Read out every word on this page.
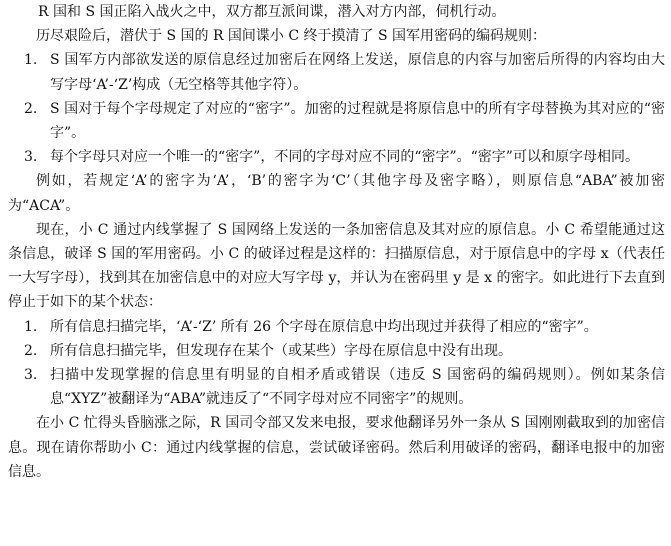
R 国和 S 国正陷入战火之中，双方都互派间谍，潜入对方内部，伺机行动。

历尽艰险后，潜伏于 S 国的 R 国间谍小 C 终于摸清了 S 国军用密码的编码规则：

1. S 国军方内部欲发送的原信息经过加密后在网络上发送，原信息的内容与加密后所得的内容均由大写字母‘A’-‘Z’构成（无空格等其他字符）。
2. S 国对于每个字母规定了对应的“密字”。加密的过程就是将原信息中的所有字母替换为其对应的“密字”。
3. 每个字母只对应一个唯一的“密字”，不同的字母对应不同的“密字”。“密字”可以和原字母相同。

例如，若规定‘A’的密字为‘A’，‘B’的密字为‘C’（其他字母及密字略），则原信息“ABA”被加密为“ACA”。

现在，小 C 通过内线掌握了 S 国网络上发送的一条加密信息及其对应的原信息。小 C 希望能通过这条信息，破译 S 国的军用密码。小 C 的破译过程是这样的：扫描原信息，对于原信息中的字母 x（代表任一大写字母），找到其在加密信息中的对应大写字母 y，并认为在密码里 y 是 x 的密字。如此进行下去直到停止于如下的某个状态：

1. 所有信息扫描完毕，‘A’-‘Z’ 所有 26 个字母在原信息中均出现过并获得了相应的“密字”。
2. 所有信息扫描完毕，但发现存在某个（或某些）字母在原信息中没有出现。
3. 扫描中发现掌握的信息里有明显的自相矛盾或错误（违反 S 国密码的编码规则）。例如某条信息“XYZ”被翻译为“ABA”就违反了“不同字母对应不同密字”的规则。

在小 C 忙得头昏脑涨之际，R 国司令部又发来电报，要求他翻译另外一条从 S 国刚刚截取到的加密信息。现在请你帮助小 C：通过内线掌握的信息，尝试破译密码。然后利用破译的密码，翻译电报中的加密信息。
